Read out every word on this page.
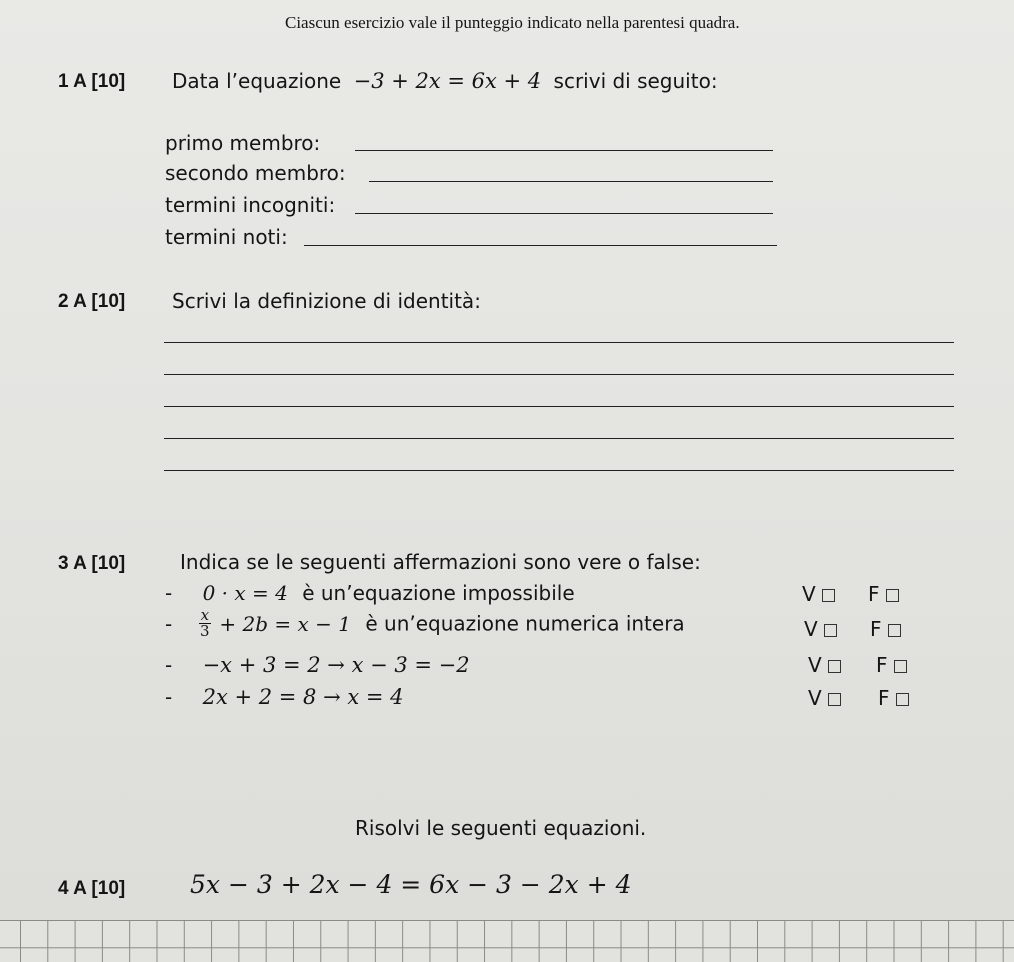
Ciascun esercizio vale il punteggio indicato nella parentesi quadra.
1 A [10] Data l’equazione −3 + 2x = 6x + 4 scrivi di seguito:
primo membro:
secondo membro:
termini incogniti:
termini noti:
2 A [10] Scrivi la definizione di identità:
3 A [10]	Indica se le seguenti affermazioni sono vere o false:
- 0 · x = 4 è un’equazione impossibile	V	F
- $\frac{x}{3} + 2b = x - 1$ è un’equazione numerica intera	V	F
- −x + 3 = 2 → x − 3 = −2	V	F
- 2x + 2 = 8 → x = 4	V	F
Risolvi le seguenti equazioni.
4 A [10]	5x − 3 + 2x − 4 = 6x − 3 − 2x + 4
